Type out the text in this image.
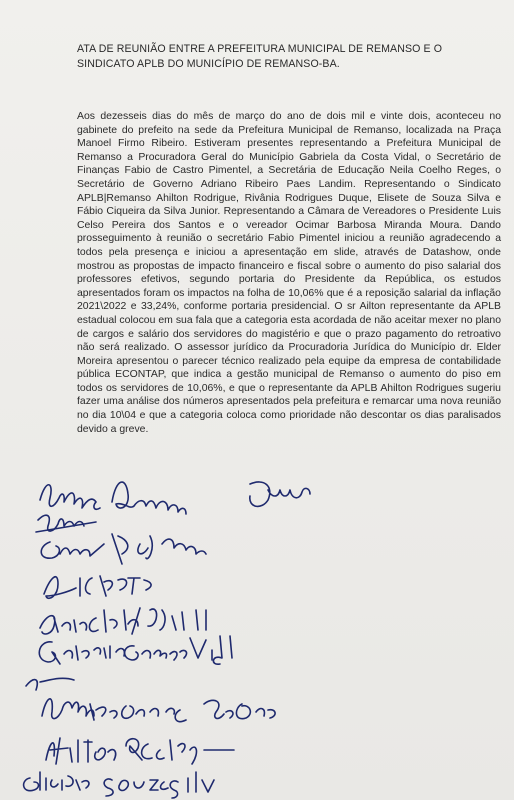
ATA DE REUNIÃO ENTRE A PREFEITURA MUNICIPAL DE REMANSO E O SINDICATO APLB DO MUNICÍPIO DE REMANSO-BA.

Aos dezesseis dias do mês de março do ano de dois mil e vinte dois, aconteceu no gabinete do prefeito na sede da Prefeitura Municipal de Remanso, localizada na Praça Manoel Firmo Ribeiro. Estiveram presentes representando a Prefeitura Municipal de Remanso a Procuradora Geral do Município Gabriela da Costa Vidal, o Secretário de Finanças Fabio de Castro Pimentel, a Secretária de Educação Neila Coelho Reges, o Secretário de Governo Adriano Ribeiro Paes Landim. Representando o Sindicato APLB|Remanso Ahilton Rodrigue, Rivânia Rodrigues Duque, Elisete de Souza Silva e Fábio Ciqueira da Silva Junior. Representando a Câmara de Vereadores o Presidente Luis Celso Pereira dos Santos e o vereador Ocimar Barbosa Miranda Moura. Dando prosseguimento à reunião o secretário Fabio Pimentel iniciou a reunião agradecendo a todos pela presença e iniciou a apresentação em slide, através de Datashow, onde mostrou as propostas de impacto financeiro e fiscal sobre o aumento do piso salarial dos professores efetivos, segundo portaria do Presidente da República, os estudos apresentados foram os impactos na folha de 10,06% que é a reposição salarial da inflação 2021\2022 e 33,24%, conforme portaria presidencial. O sr Ailton representante da APLB estadual colocou em sua fala que a categoria esta acordada de não aceitar mexer no plano de cargos e salário dos servidores do magistério e que o prazo pagamento do retroativo não será realizado. O assessor jurídico da Procuradoria Jurídica do Município dr. Elder Moreira apresentou o parecer técnico realizado pela equipe da empresa de contabilidade pública ECONTAP, que indica a gestão municipal de Remanso o aumento do piso em todos os servidores de 10,06%, e que o representante da APLB Ahilton Rodrigues sugeriu fazer uma análise dos números apresentados pela prefeitura e remarcar uma nova reunião no dia 10\04 e que a categoria coloca como prioridade não descontar os dias paralisados devido a greve.
